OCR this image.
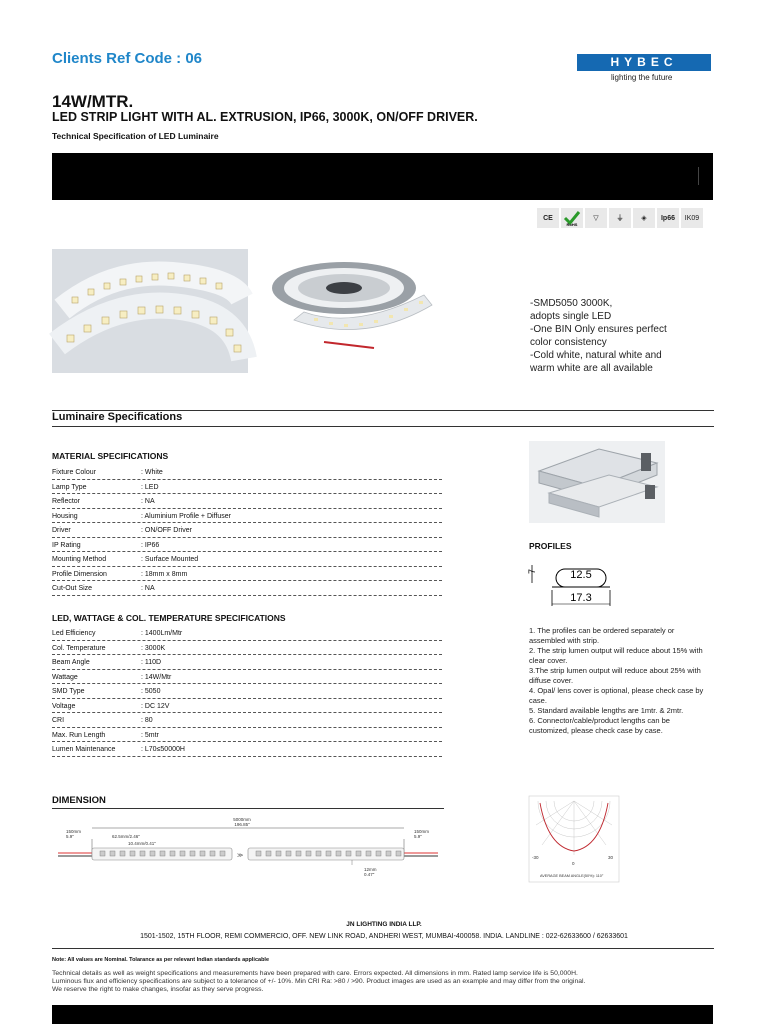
Clients Ref Code : 06	HYBEC
lighting the future
14W/MTR.
LED STRIP LIGHT WITH AL. EXTRUSION, IP66, 3000K, ON/OFF DRIVER.
Technical Specification of LED Luminaire
CE
RoHS
▽	⏚	◈	Ip66	IK09
-SMD5050 3000K,
adopts single LED
-One BIN Only ensures perfect
color consistency
-Cold white, natural white and
warm white are all available
Luminaire Specifications
MATERIAL SPECIFICATIONS
Fixture Colour	: White
Lamp Type	: LED
Reflector	: NA
Housing	: Aluminium Profile + Diffuser
Driver	: ON/OFF Driver
IP Rating	: IP66
Mounting Method	: Surface Mounted
Profile Dimension	: 18mm x 8mm
Cut-Out Size	: NA
LED, WATTAGE & COL. TEMPERATURE SPECIFICATIONS
Led Efficiency	: 1400Lm/Mtr
Col. Temperature	: 3000K
Beam Angle	: 110D
Wattage	: 14W/Mtr
SMD Type	: 5050
Voltage	: DC 12V
CRI	: 80
Max. Run Length	: 5mtr
Lumen Maintenance	: L70≤50000H
PROFILES
7	12.5
17.3
1. The profiles can be ordered separately or assembled with strip.
2. The strip lumen output will reduce about 15% with clear cover.
3.The strip lumen output will reduce about 25% with diffuse cover.
4. Opal/ lens cover is optional, please check case by case.
5. Standard available lengths are 1mtr. & 2mtr.
6. Connector/cable/product lengths can be customized, please check case by case.
DIMENSION
5000mm
196.85"
150mm
5.9"
150mm
5.9"
62.5mm/2.46"
10.4mm/0.41"
12mm
0.47"
≫	-30
0
30
AVERAGE BEAM ANGLE(50%): 110°
JN LIGHTING INDIA LLP.
1501-1502, 15TH FLOOR, REMI COMMERCIO, OFF. NEW LINK ROAD, ANDHERI WEST, MUMBAI-400058. INDIA. LANDLINE : 022-62633600 / 62633601
Note: All values are Nominal. Tolarance as per relevant Indian standards applicable
Technical details as well as weight specifications and measurements have been prepared with care. Errors expected. All dimensions in mm. Rated lamp service life is 50,000H.
Luminous flux and efficiency specifications are subject to a tolerance of +/- 10%. Min CRI Ra: >80 / >90. Product images are used as an example and may differ from the original.
We reserve the right to make changes, insofar as they serve progress.
